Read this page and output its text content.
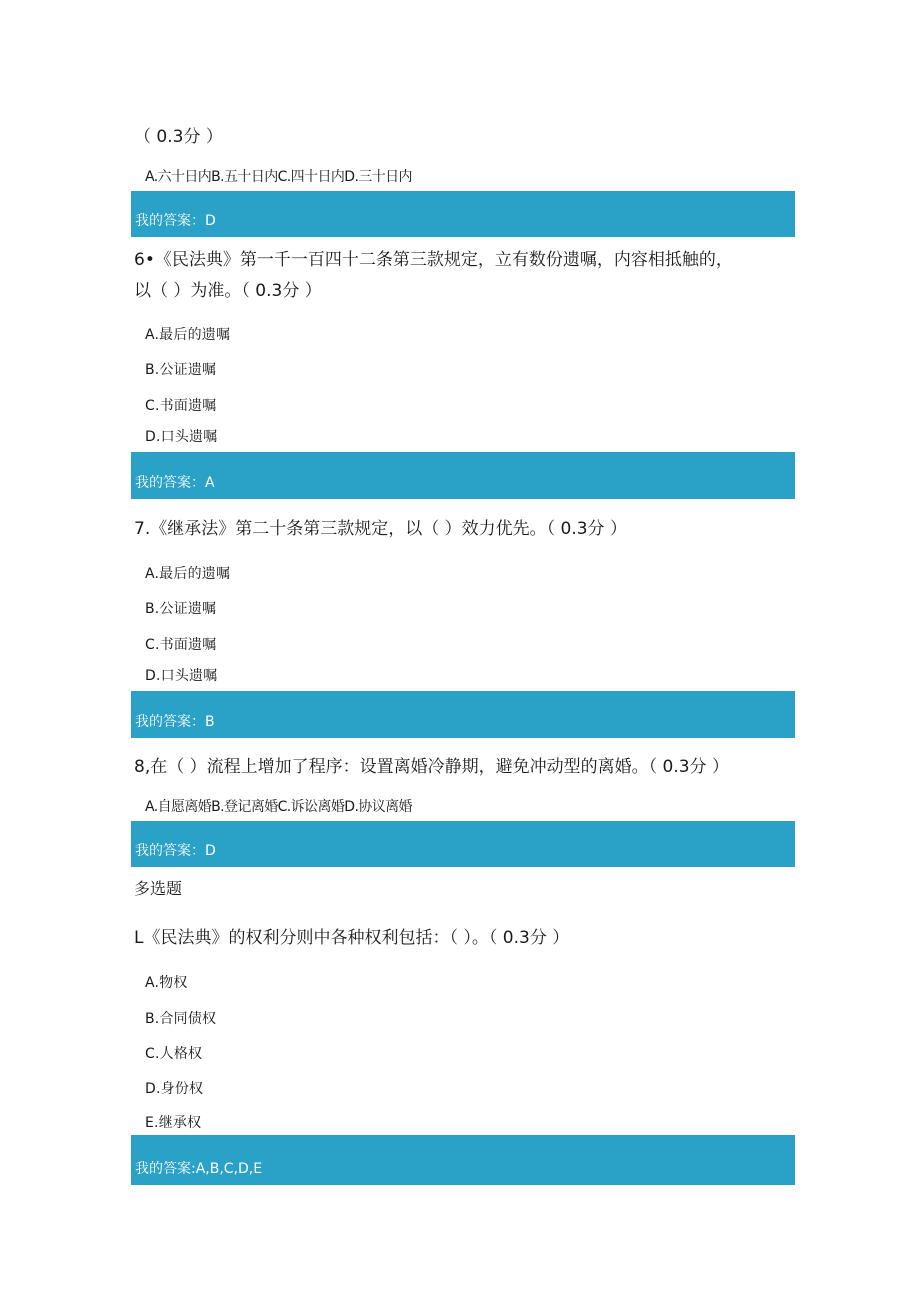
（ 0.3分 ）
A.六十日内B.五十日内C.四十日内D.三十日内
我的答案：D
6•《民法典》第一千一百四十二条第三款规定，立有数份遗嘱，内容相抵触的，
以（ ）为准。（ 0.3分 ）
A.最后的遗嘱
B.公证遗嘱
C.书面遗嘱
D.口头遗嘱
我的答案：A
7.《继承法》第二十条第三款规定，以（ ）效力优先。（ 0.3分 ）
A.最后的遗嘱
B.公证遗嘱
C.书面遗嘱
D.口头遗嘱
我的答案：B
8,在（ ）流程上增加了程序：设置离婚冷静期，避免冲动型的离婚。（ 0.3分 ）
A.自愿离婚B.登记离婚C.诉讼离婚D.协议离婚
我的答案：D
多选题
L《民法典》的权利分则中各种权利包括：（ ）。（ 0.3分 ）
A.物权
B.合同债权
C.人格权
D.身份权
E.继承权
我的答案:A,B,C,D,E
